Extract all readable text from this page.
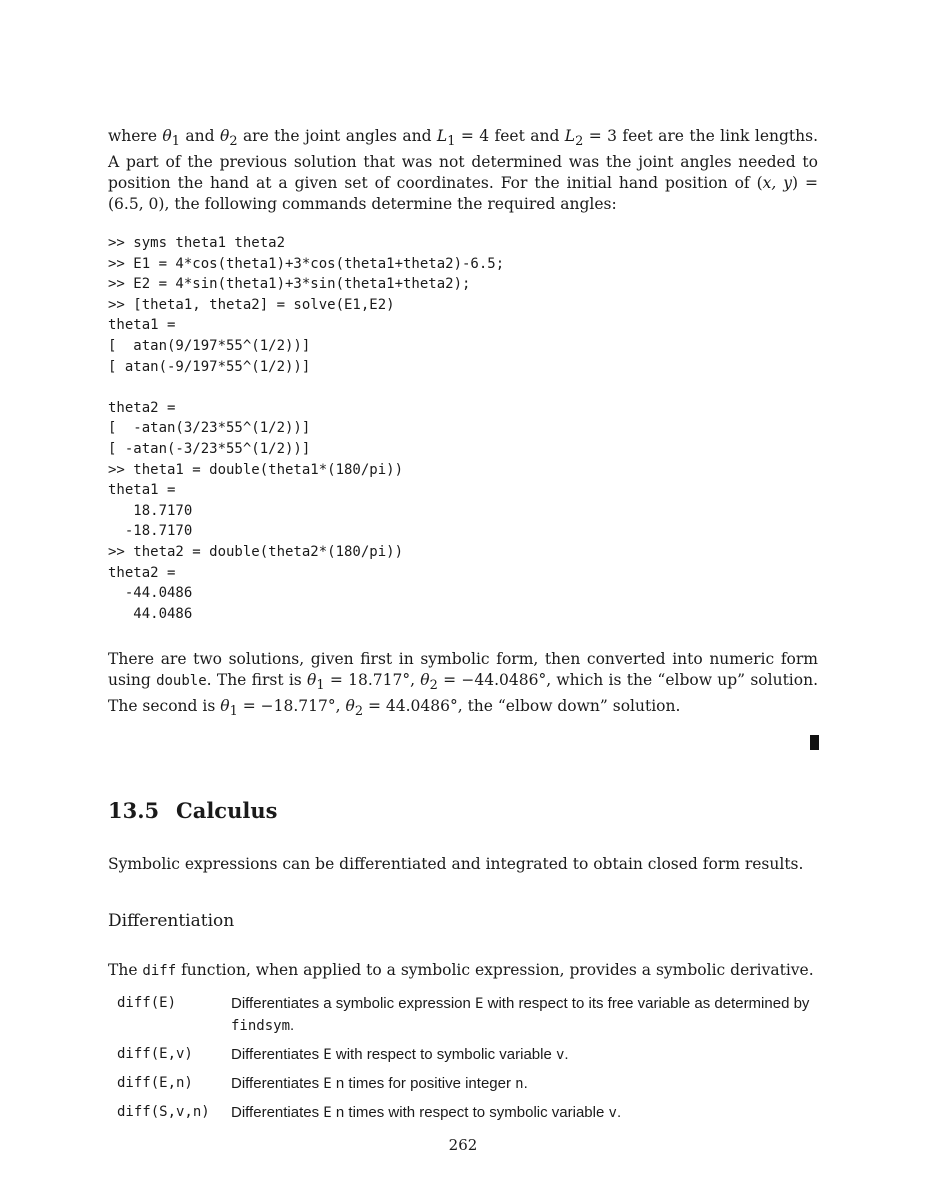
where $\theta_1$ and $\theta_2$ are the joint angles and $L_1 = 4$ feet and $L_2 = 3$ feet are the link lengths. A part of the previous solution that was not determined was the joint angles needed to position the hand at a given set of coordinates. For the initial hand position of (x, y) = (6.5, 0), the following commands determine the required angles:

>> syms theta1 theta2
>> E1 = 4*cos(theta1)+3*cos(theta1+theta2)-6.5;
>> E2 = 4*sin(theta1)+3*sin(theta1+theta2);
>> [theta1, theta2] = solve(E1,E2)
theta1 =
[  atan(9/197*55^(1/2))]
[ atan(-9/197*55^(1/2))]
theta2 =
[  -atan(3/23*55^(1/2))]
[ -atan(-3/23*55^(1/2))]
>> theta1 = double(theta1*(180/pi))
theta1 =
18.7170
-18.7170
>> theta2 = double(theta2*(180/pi))
theta2 =
-44.0486
44.0486

There are two solutions, given first in symbolic form, then converted into numeric form using double. The first is $\theta_1 = 18.717^\circ$, $\theta_2 = -44.0486^\circ$, which is the “elbow up” solution. The second is $\theta_1 = -18.717^\circ$, $\theta_2 = 44.0486^\circ$, the “elbow down” solution.

13.5 Calculus

Symbolic expressions can be differentiated and integrated to obtain closed form results.

Differentiation

The diff function, when applied to a symbolic expression, provides a symbolic derivative.

diff(E)	Differentiates a symbolic expression E with respect to its free variable as determined by findsym.
diff(E,v)	Differentiates E with respect to symbolic variable v.
diff(E,n)	Differentiates E n times for positive integer n.
diff(S,v,n)	Differentiates E n times with respect to symbolic variable v.
262
